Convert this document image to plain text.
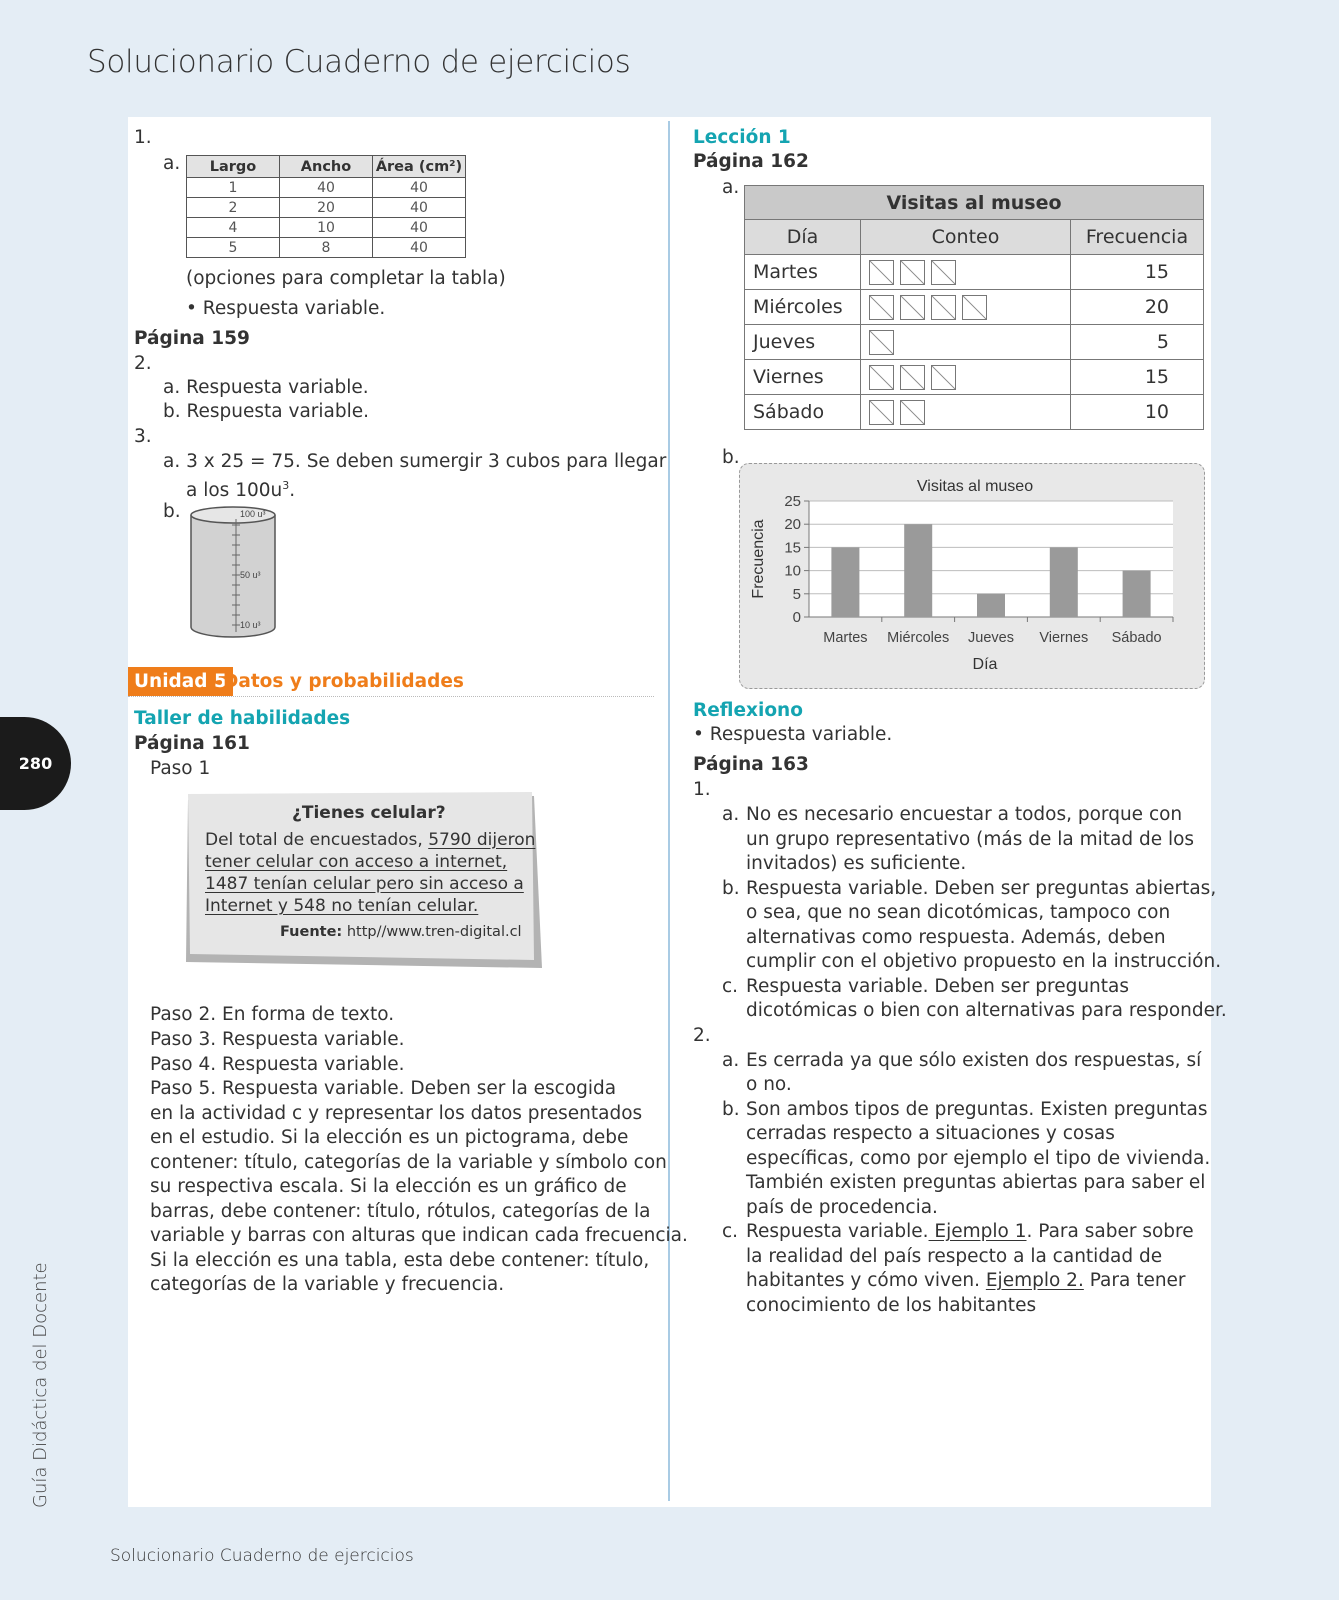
Solucionario Cuaderno de ejercicios
280
Guía Didáctica del Docente
Solucionario Cuaderno de ejercicios

1.

a. Largo	Ancho	Área (cm²)
1	40	40
2	20	40
4	10	40
5	8	40

(opciones para completar la tabla)

• Respuesta variable.

Página 159

2.

a. Respuesta variable.

b. Respuesta variable.

3.

a. 3 x 25 = 75. Se deben sumergir 3 cubos para llegar

a los $100u^3$.

b.	100 u³
50 u³
10 u³
Unidad 5
Datos y probabilidades

Taller de habilidades

Página 161

Paso 1

¿Tienes celular?

Del total de encuestados, 5790 dijeron

tener celular con acceso a internet,

1487 tenían celular pero sin acceso a

Internet y 548 no tenían celular.

Fuente: http//www.tren-digital.cl

Paso 2. En forma de texto.

Paso 3. Respuesta variable.

Paso 4. Respuesta variable.

Paso 5. Respuesta variable. Deben ser la escogida

en la actividad c y representar los datos presentados

en el estudio. Si la elección es un pictograma, debe

contener: título, categorías de la variable y símbolo con

su respectiva escala. Si la elección es un gráfico de

barras, debe contener: título, rótulos, categorías de la

variable y barras con alturas que indican cada frecuencia.

Si la elección es una tabla, esta debe contener: título,

categorías de la variable y frecuencia.

Lección 1

Página 162

a.

Visitas al museo		
Día	Conteo	Frecuencia
Martes		15
Miércoles		20
Jueves		5
Viernes		15
Sábado		10

b.

0
5
10
15
20
25
Martes Miércoles Jueves Viernes Sábado
Visitas al museo
Día
Frecuencia

Reflexiono

• Respuesta variable.

Página 163

1.

a. No es necesario encuestar a todos, porque con

un grupo representativo (más de la mitad de los

invitados) es suficiente.

b. Respuesta variable. Deben ser preguntas abiertas,

o sea, que no sean dicotómicas, tampoco con

alternativas como respuesta. Además, deben

cumplir con el objetivo propuesto en la instrucción.

c. Respuesta variable. Deben ser preguntas

dicotómicas o bien con alternativas para responder.

2.

a. Es cerrada ya que sólo existen dos respuestas, sí

o no.

b. Son ambos tipos de preguntas. Existen preguntas

cerradas respecto a situaciones y cosas

específicas, como por ejemplo el tipo de vivienda.

También existen preguntas abiertas para saber el

país de procedencia.

c. Respuesta variable. Ejemplo 1. Para saber sobre

la realidad del país respecto a la cantidad de

habitantes y cómo viven. Ejemplo 2. Para tener

conocimiento de los habitantes
